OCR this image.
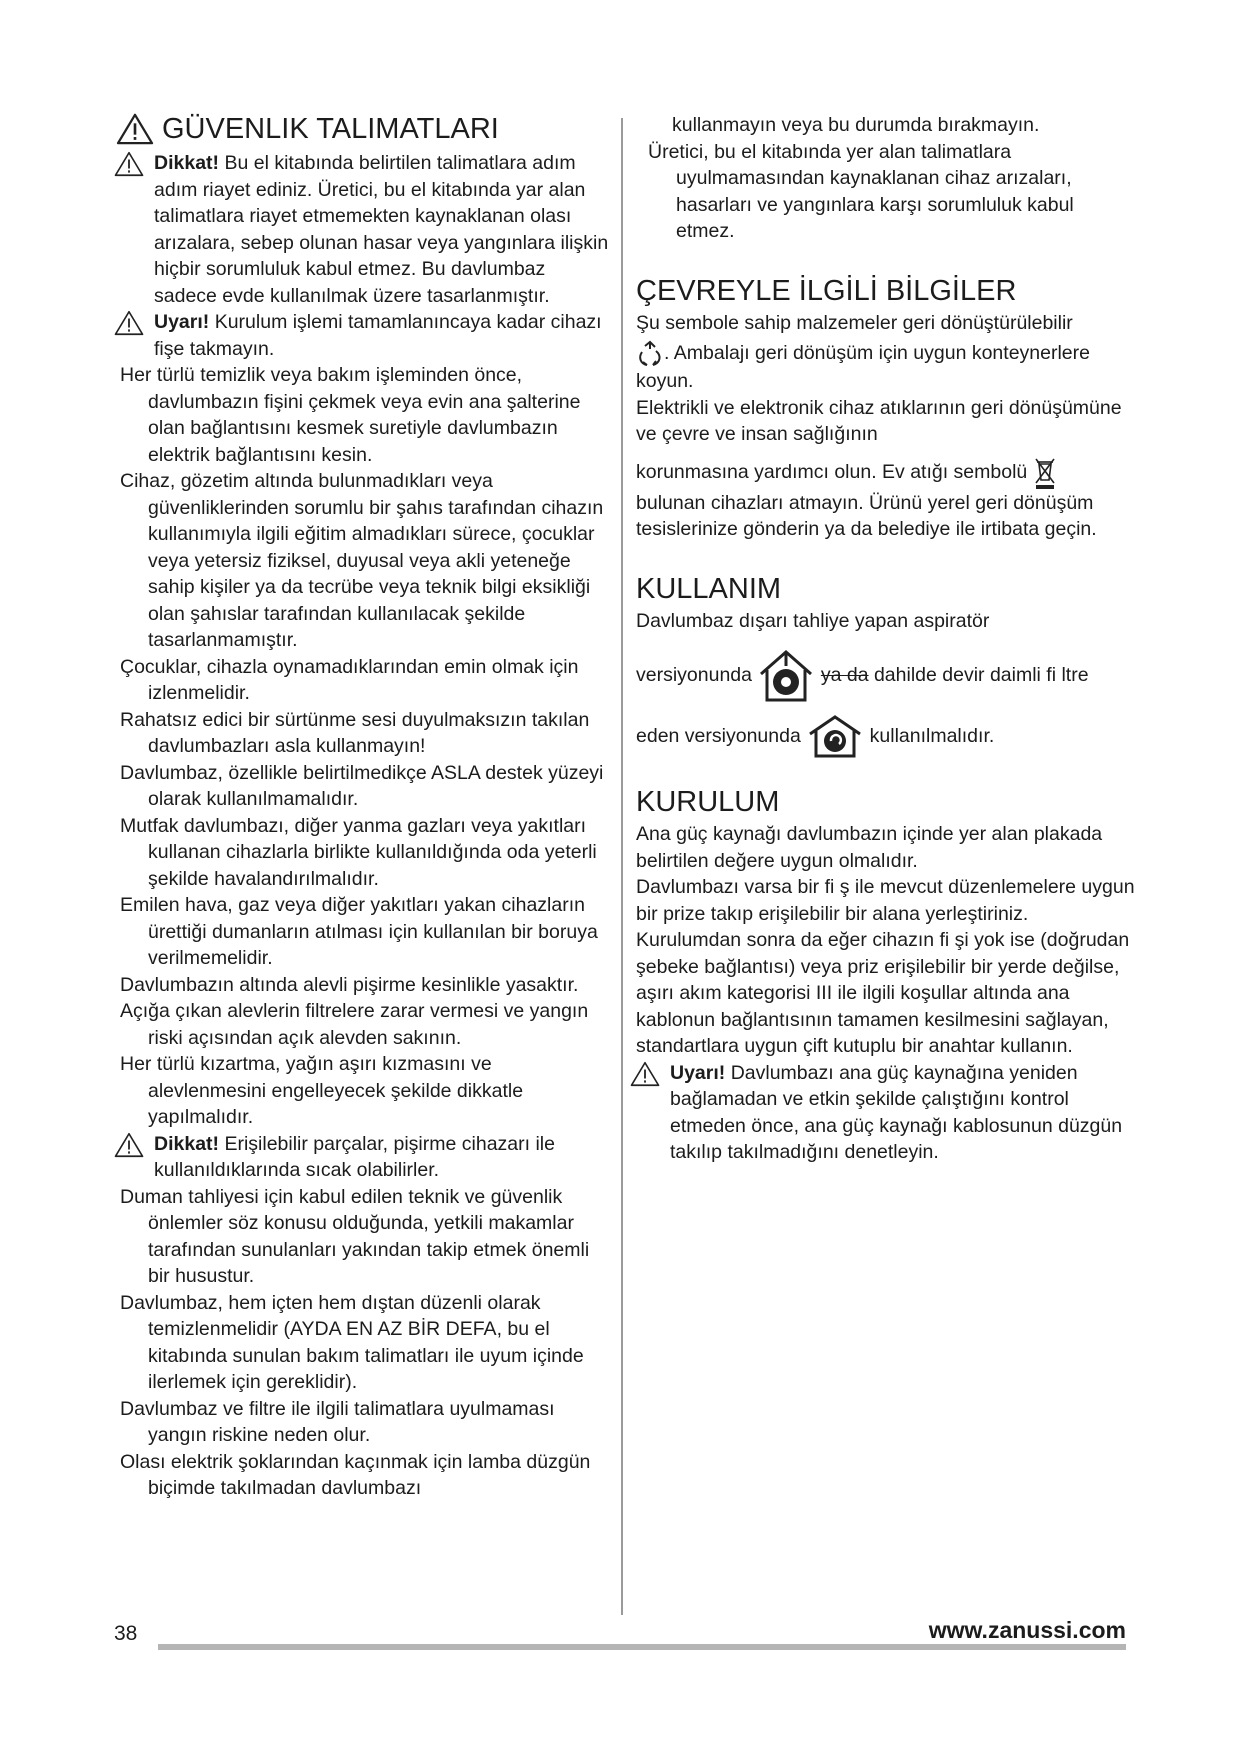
GÜVENLIK TALIMATLARI
Dikkat! Bu el kitabında belirtilen talimatlara adım adım riayet ediniz. Üretici, bu el kitabında yar alan talimatlara riayet etmemekten kaynaklanan olası arızalara, sebep olunan hasar veya yangınlara ilişkin hiçbir sorumluluk kabul etmez. Bu davlumbaz sadece evde kullanılmak üzere tasarlanmıştır.
Uyarı! Kurulum işlemi tamamlanıncaya kadar cihazı fişe takmayın.

Her türlü temizlik veya bakım işleminden önce, davlumbazın fişini çekmek veya evin ana şalterine olan bağlantısını kesmek suretiyle davlumbazın elektrik bağlantısını kesin.

Cihaz, gözetim altında bulunmadıkları veya güvenliklerinden sorumlu bir şahıs tarafından cihazın kullanımıyla ilgili eğitim almadıkları sürece, çocuklar veya yetersiz fiziksel, duyusal veya akli yeteneğe sahip kişiler ya da tecrübe veya teknik bilgi eksikliği olan şahıslar tarafından kullanılacak şekilde tasarlanmamıştır.

Çocuklar, cihazla oynamadıklarından emin olmak için izlenmelidir.

Rahatsız edici bir sürtünme sesi duyulmaksızın takılan davlumbazları asla kullanmayın!

Davlumbaz, özellikle belirtilmedikçe ASLA destek yüzeyi olarak kullanılmamalıdır.

Mutfak davlumbazı, diğer yanma gazları veya yakıtları kullanan cihazlarla birlikte kullanıldığında oda yeterli şekilde havalandırılmalıdır.

Emilen hava, gaz veya diğer yakıtları yakan cihazların ürettiği dumanların atılması için kullanılan bir boruya verilmemelidir.

Davlumbazın altında alevli pişirme kesinlikle yasaktır.

Açığa çıkan alevlerin filtrelere zarar vermesi ve yangın riski açısından açık alevden sakının.

Her türlü kızartma, yağın aşırı kızmasını ve alevlenmesini engelleyecek şekilde dikkatle yapılmalıdır.

Dikkat! Erişilebilir parçalar, pişirme cihazarı ile kullanıldıklarında sıcak olabilirler.

Duman tahliyesi için kabul edilen teknik ve güvenlik önlemler söz konusu olduğunda, yetkili makamlar tarafından sunulanları yakından takip etmek önemli bir husustur.

Davlumbaz, hem içten hem dıştan düzenli olarak temizlenmelidir (AYDA EN AZ BİR DEFA, bu el kitabında sunulan bakım talimatları ile uyum içinde ilerlemek için gereklidir).

Davlumbaz ve filtre ile ilgili talimatlara uyulmaması yangın riskine neden olur.

Olası elektrik şoklarından kaçınmak için lamba düzgün biçimde takılmadan davlumbazı

kullanmayın veya bu durumda bırakmayın.

Üretici, bu el kitabında yer alan talimatlara uyulmamasından kaynaklanan cihaz arızaları, hasarları ve yangınlara karşı sorumluluk kabul etmez.

ÇEVREYLE İLGİLİ BİLGİLER

Şu sembole sahip malzemeler geri dönüştürülebilir

. Ambalajı geri dönüşüm için uygun konteynerlere koyun.

Elektrikli ve elektronik cihaz atıklarının geri dönüşümüne ve çevre ve insan sağlığının

korunmasına yardımcı olun. Ev atığı sembolü

bulunan cihazları atmayın. Ürünü yerel geri dönüşüm tesislerinize gönderin ya da belediye ile irtibata geçin.

KULLANIM

Davlumbaz dışarı tahliye yapan aspiratör

versiyonunda	ya da dahilde devir daimli fi ltre

eden versiyonunda	kullanılmalıdır.

KURULUM

Ana güç kaynağı davlumbazın içinde yer alan plakada belirtilen değere uygun olmalıdır.

Davlumbazı varsa bir fi ş ile mevcut düzenlemelere uygun bir prize takıp erişilebilir bir alana yerleştiriniz. Kurulumdan sonra da eğer cihazın fi şi yok ise (doğrudan şebeke bağlantısı) veya priz erişilebilir bir yerde değilse, aşırı akım kategorisi III ile ilgili koşullar altında ana kablonun bağlantısının tamamen kesilmesini sağlayan, standartlara uygun çift kutuplu bir anahtar kullanın.

Uyarı! Davlumbazı ana güç kaynağına yeniden bağlamadan ve etkin şekilde çalıştığını kontrol etmeden önce, ana güç kaynağı kablosunun düzgün takılıp takılmadığını denetleyin.
38	www.zanussi.com
